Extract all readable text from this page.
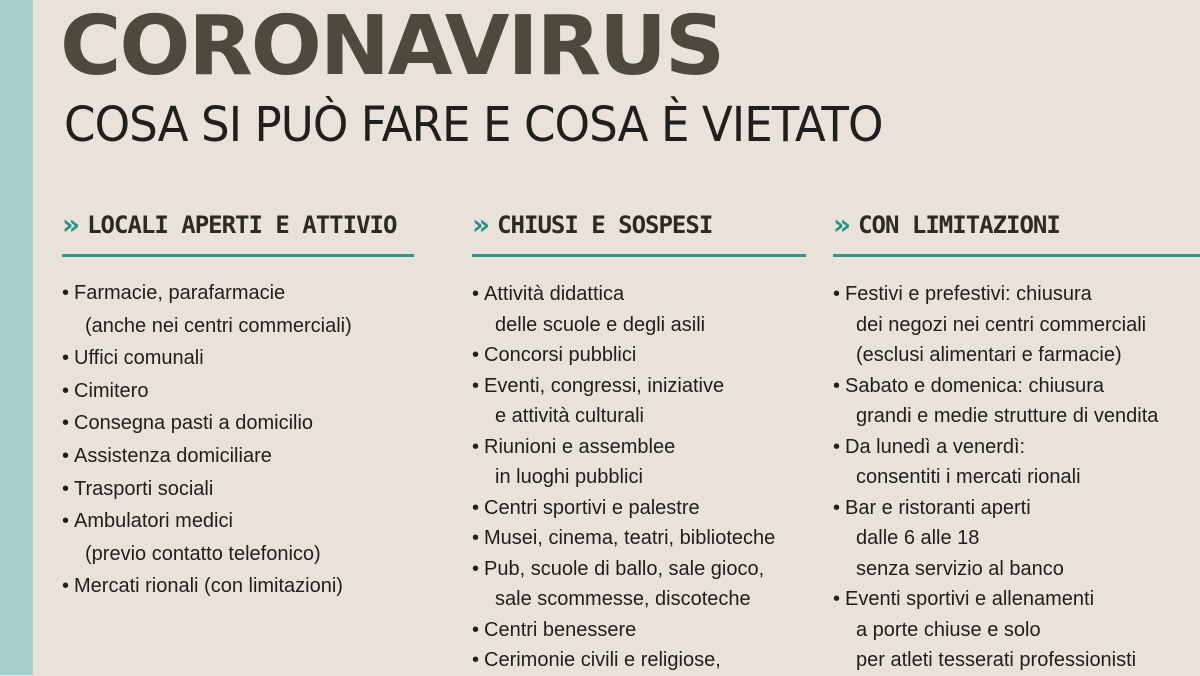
CORONAVIRUS
COSA SI PUÒ FARE E COSA È VIETATO
» LOCALI APERTI E ATTIVIO
• Farmacie, parafarmacie
(anche nei centri commerciali)
• Uffici comunali
• Cimitero
• Consegna pasti a domicilio
• Assistenza domiciliare
• Trasporti sociali
• Ambulatori medici
(previo contatto telefonico)
• Mercati rionali (con limitazioni)
» CHIUSI E SOSPESI
• Attività didattica
delle scuole e degli asili
• Concorsi pubblici
• Eventi, congressi, iniziative
e attività culturali
• Riunioni e assemblee
in luoghi pubblici
• Centri sportivi e palestre
• Musei, cinema, teatri, biblioteche
• Pub, scuole di ballo, sale gioco,
sale scommesse, discoteche
• Centri benessere
• Cerimonie civili e religiose,
» CON LIMITAZIONI
• Festivi e prefestivi: chiusura
dei negozi nei centri commerciali
(esclusi alimentari e farmacie)
• Sabato e domenica: chiusura
grandi e medie strutture di vendita
• Da lunedì a venerdì:
consentiti i mercati rionali
• Bar e ristoranti aperti
dalle 6 alle 18
senza servizio al banco
• Eventi sportivi e allenamenti
a porte chiuse e solo
per atleti tesserati professionisti
